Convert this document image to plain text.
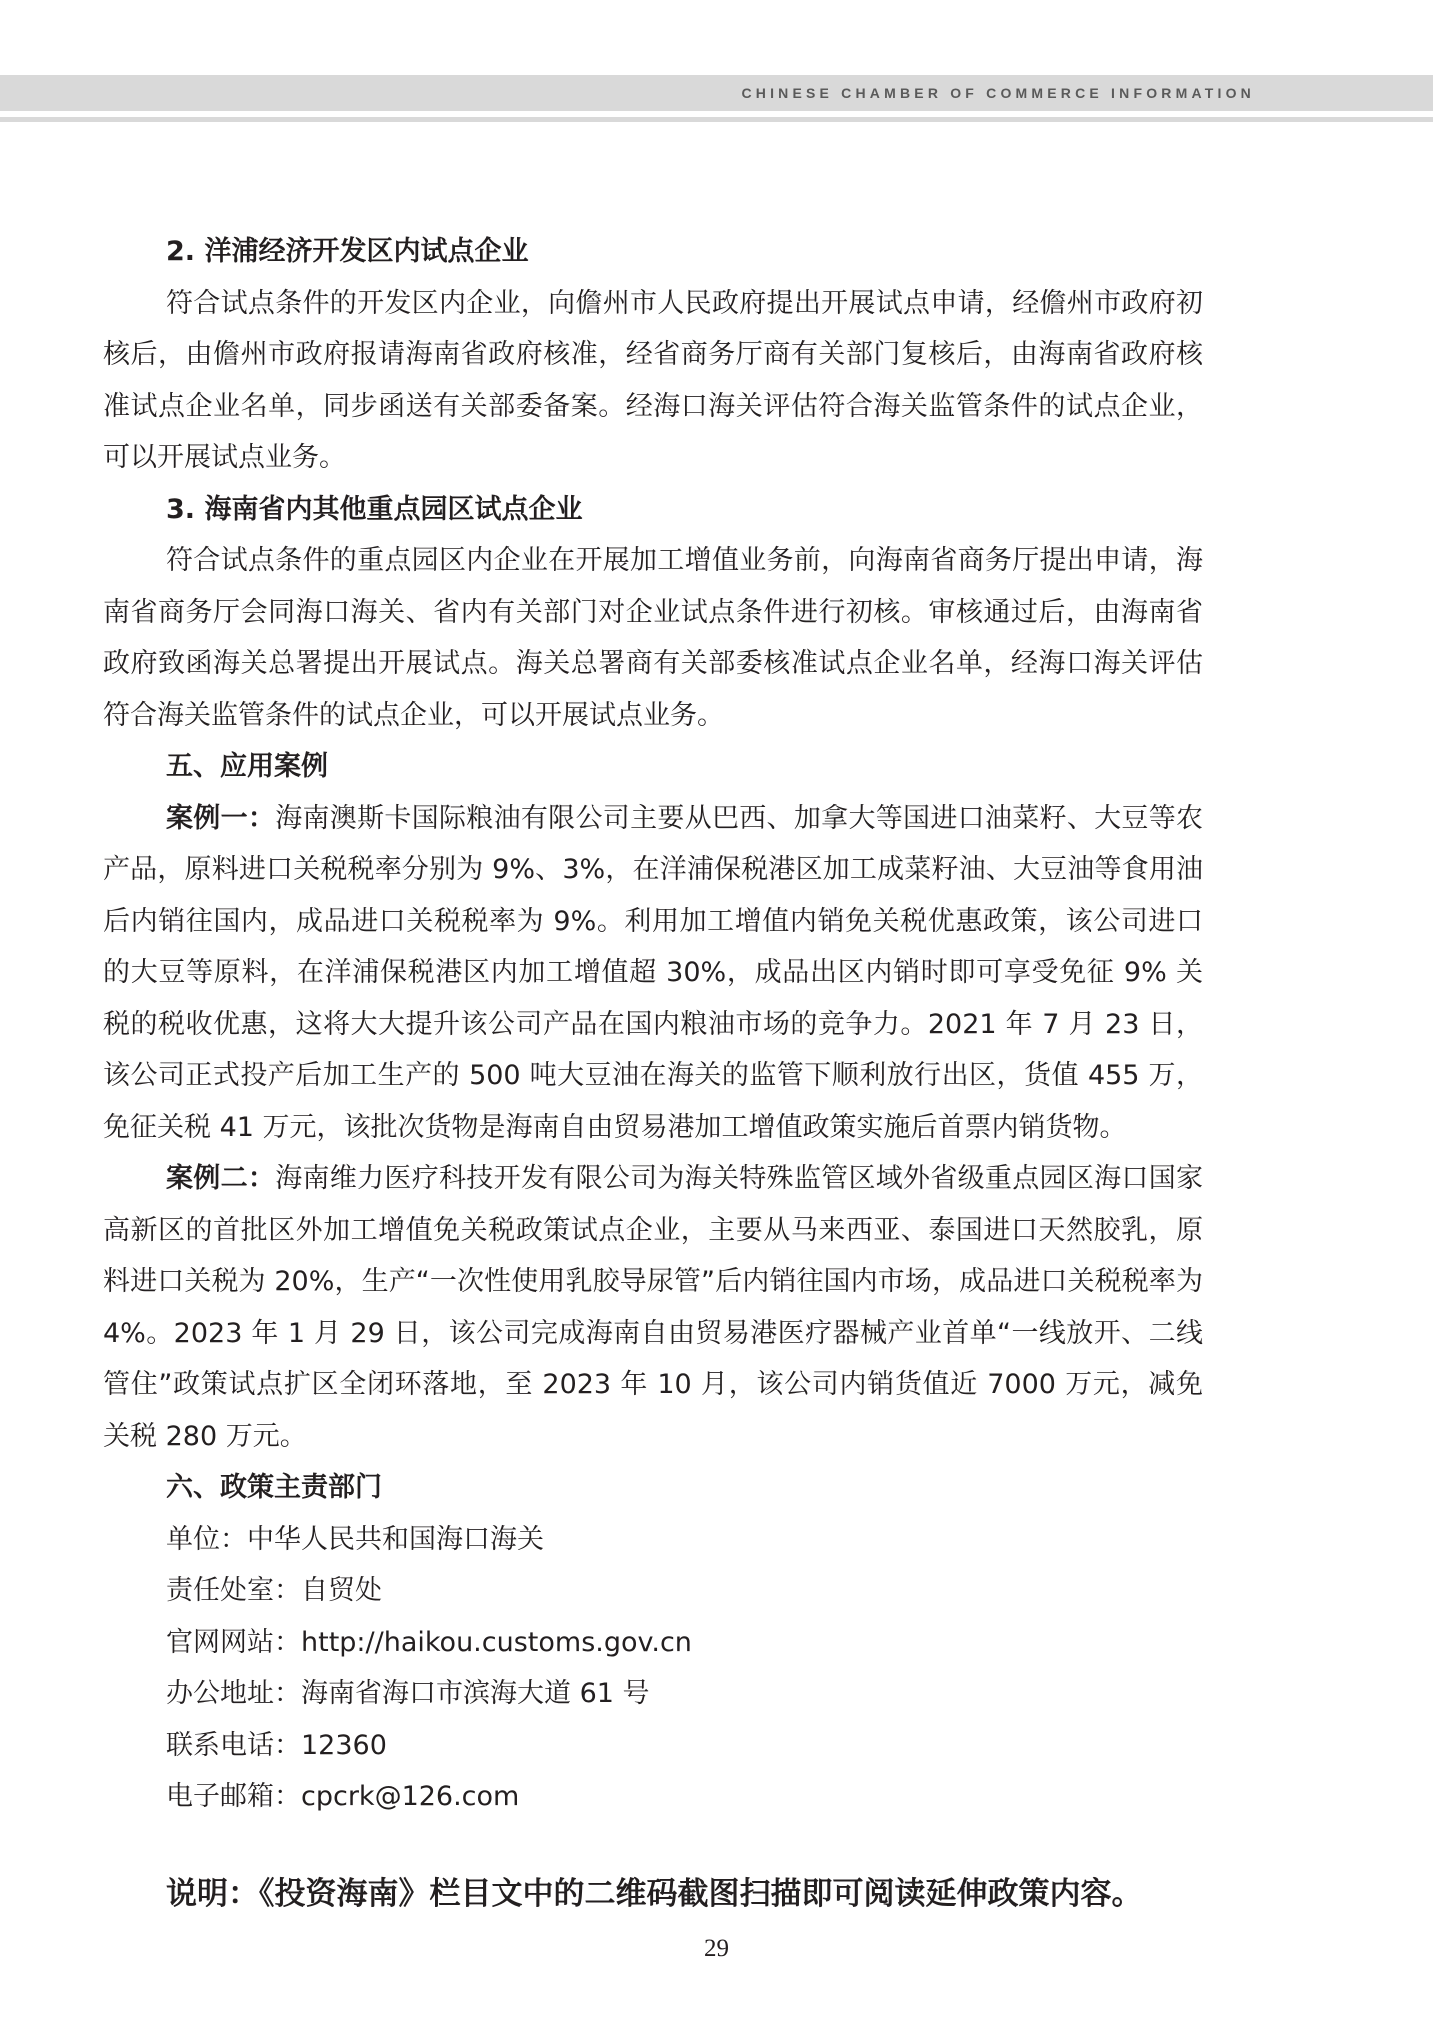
CHINESE CHAMBER OF COMMERCE INFORMATION
2. 洋浦经济开发区内试点企业

符合试点条件的开发区内企业，向儋州市人民政府提出开展试点申请，经儋州市政府初核后，由儋州市政府报请海南省政府核准，经省商务厅商有关部门复核后，由海南省政府核准试点企业名单，同步函送有关部委备案。经海口海关评估符合海关监管条件的试点企业，可以开展试点业务。

3. 海南省内其他重点园区试点企业

符合试点条件的重点园区内企业在开展加工增值业务前，向海南省商务厅提出申请，海南省商务厅会同海口海关、省内有关部门对企业试点条件进行初核。审核通过后，由海南省政府致函海关总署提出开展试点。海关总署商有关部委核准试点企业名单，经海口海关评估符合海关监管条件的试点企业，可以开展试点业务。

五、应用案例

案例一：海南澳斯卡国际粮油有限公司主要从巴西、加拿大等国进口油菜籽、大豆等农产品，原料进口关税税率分别为 9%、3%，在洋浦保税港区加工成菜籽油、大豆油等食用油后内销往国内，成品进口关税税率为 9%。利用加工增值内销免关税优惠政策，该公司进口的大豆等原料，在洋浦保税港区内加工增值超 30%，成品出区内销时即可享受免征 9% 关税的税收优惠，这将大大提升该公司产品在国内粮油市场的竞争力。2021 年 7 月 23 日，该公司正式投产后加工生产的 500 吨大豆油在海关的监管下顺利放行出区，货值 455 万，免征关税 41 万元，该批次货物是海南自由贸易港加工增值政策实施后首票内销货物。

案例二：海南维力医疗科技开发有限公司为海关特殊监管区域外省级重点园区海口国家高新区的首批区外加工增值免关税政策试点企业，主要从马来西亚、泰国进口天然胶乳，原料进口关税为 20%，生产“一次性使用乳胶导尿管”后内销往国内市场，成品进口关税税率为 4%。2023 年 1 月 29 日，该公司完成海南自由贸易港医疗器械产业首单“一线放开、二线管住”政策试点扩区全闭环落地，至 2023 年 10 月，该公司内销货值近 7000 万元，减免关税 280 万元。

六、政策主责部门
单位：中华人民共和国海口海关
责任处室：自贸处
官网网站：http://haikou.customs.gov.cn
办公地址：海南省海口市滨海大道 61 号
联系电话：12360
电子邮箱：cpcrk@126.com
说明：《投资海南》栏目文中的二维码截图扫描即可阅读延伸政策内容。
29
